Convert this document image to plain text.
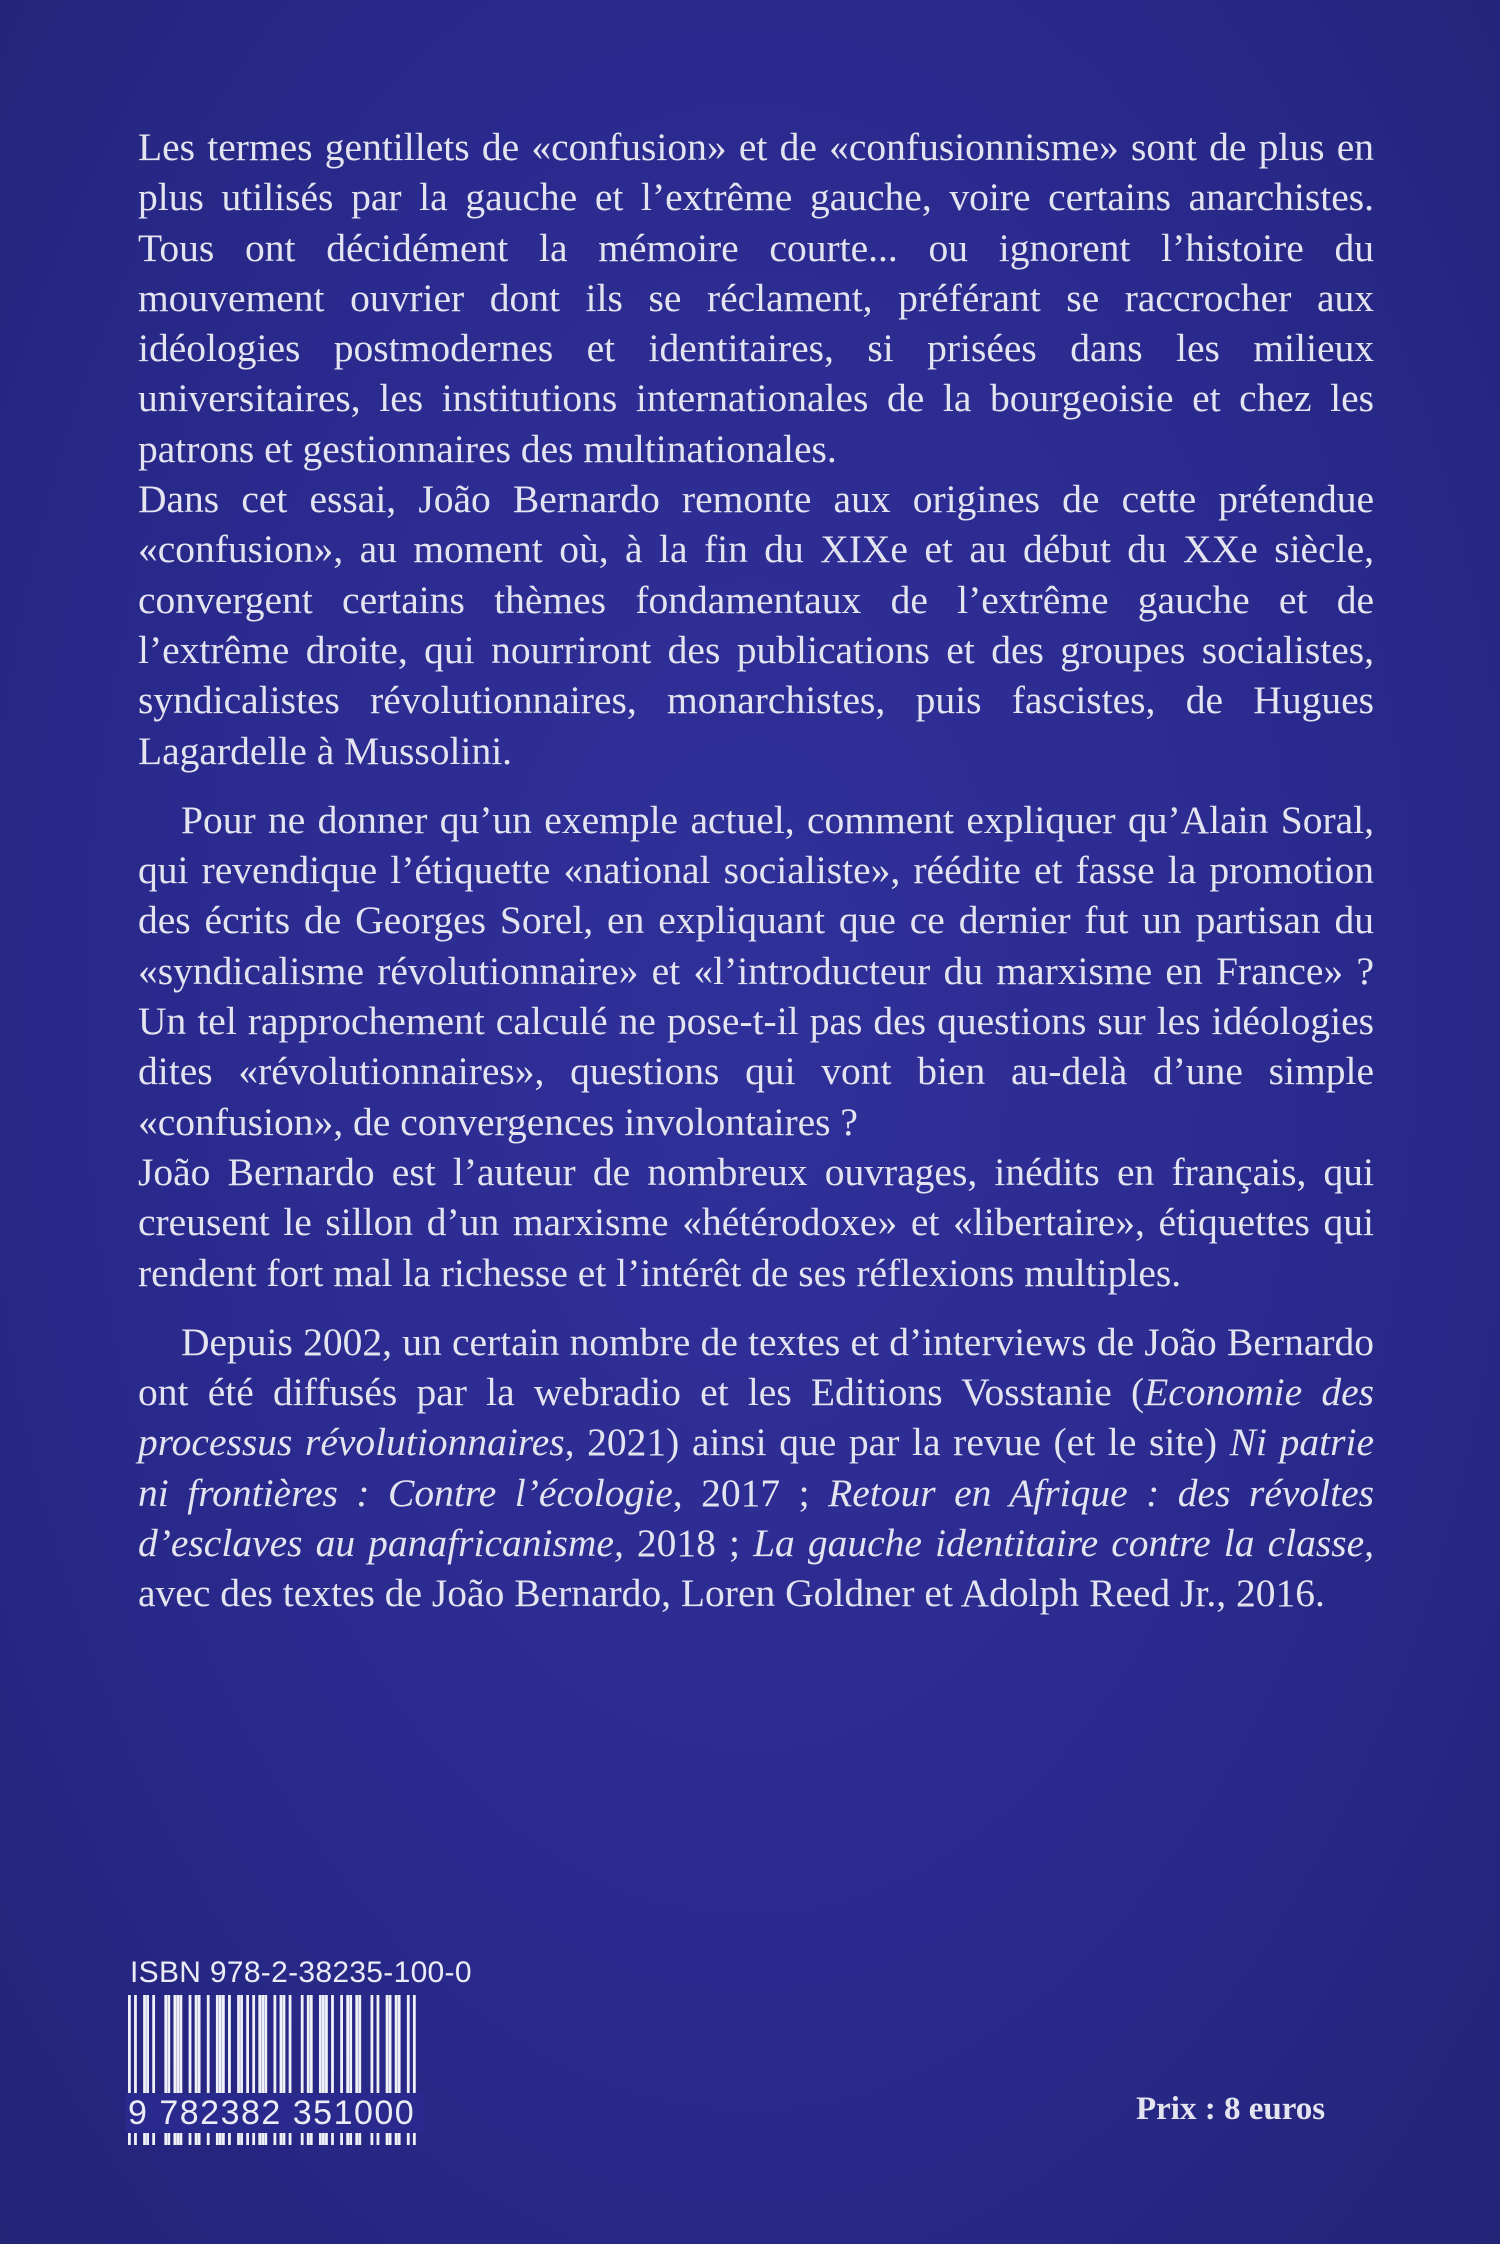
Les termes gentillets de «confusion» et de «confusionnisme» sont de plus en plus utilisés par la gauche et l’extrême gauche, voire certains anarchistes. Tous ont décidément la mémoire courte... ou ignorent l’histoire du mouvement ouvrier dont ils se réclament, préférant se raccrocher aux idéologies postmodernes et identitaires, si prisées dans les milieux universitaires, les institutions internationales de la bourgeoisie et chez les patrons et gestionnaires des multinationales.

Dans cet essai, João Bernardo remonte aux origines de cette prétendue «confusion», au moment où, à la fin du XIXe et au début du XXe siècle, convergent certains thèmes fondamentaux de l’extrême gauche et de l’extrême droite, qui nourriront des publications et des groupes socialistes, syndicalistes révolutionnaires, monarchistes, puis fascistes, de Hugues Lagardelle à Mussolini.

Pour ne donner qu’un exemple actuel, comment expliquer qu’Alain Soral, qui revendique l’étiquette «national socialiste», réédite et fasse la promotion des écrits de Georges Sorel, en expliquant que ce dernier fut un partisan du «syndicalisme révolutionnaire» et «l’introducteur du marxisme en France» ? Un tel rapprochement calculé ne pose-t-il pas des questions sur les idéologies dites «révolutionnaires», questions qui vont bien au-delà d’une simple «confusion», de convergences involontaires ?

João Bernardo est l’auteur de nombreux ouvrages, inédits en français, qui creusent le sillon d’un marxisme «hétérodoxe» et «libertaire», étiquettes qui rendent fort mal la richesse et l’intérêt de ses réflexions multiples.

Depuis 2002, un certain nombre de textes et d’interviews de João Bernardo ont été diffusés par la webradio et les Editions Vosstanie (Economie des processus révolutionnaires, 2021) ainsi que par la revue (et le site) Ni patrie ni frontières : Contre l’écologie, 2017 ; Retour en Afrique : des révoltes d’esclaves au panafricanisme, 2018 ; La gauche identitaire contre la classe, avec des textes de João Bernardo, Loren Goldner et Adolph Reed Jr., 2016.

ISBN 978-2-38235-100-0
9 782382 351000	Prix : 8 euros
